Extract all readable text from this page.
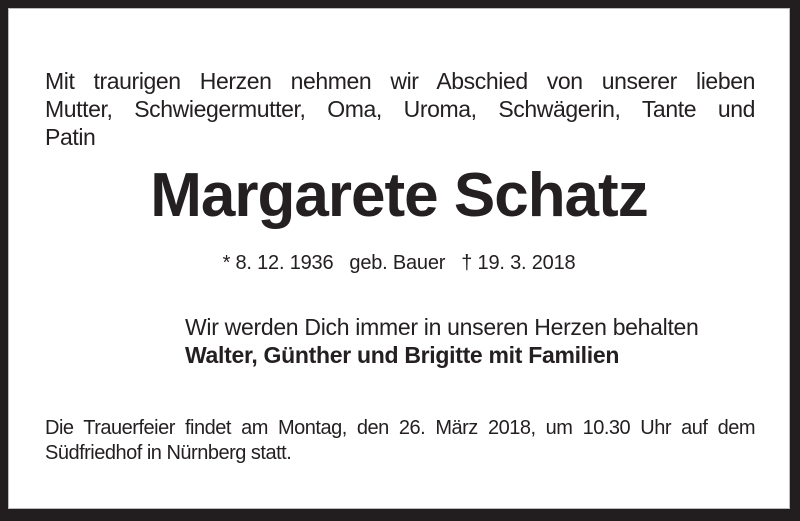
Mit traurigen Herzen nehmen wir Abschied von unserer lieben
Mutter, Schwiegermutter, Oma, Uroma, Schwägerin, Tante und
Patin
Margarete Schatz
* 8. 12. 1936 geb. Bauer † 19. 3. 2018
Wir werden Dich immer in unseren Herzen behalten
Walter, Günther und Brigitte mit Familien
Die Trauerfeier findet am Montag, den 26. März 2018, um 10.30 Uhr auf dem
Südfriedhof in Nürnberg statt.
